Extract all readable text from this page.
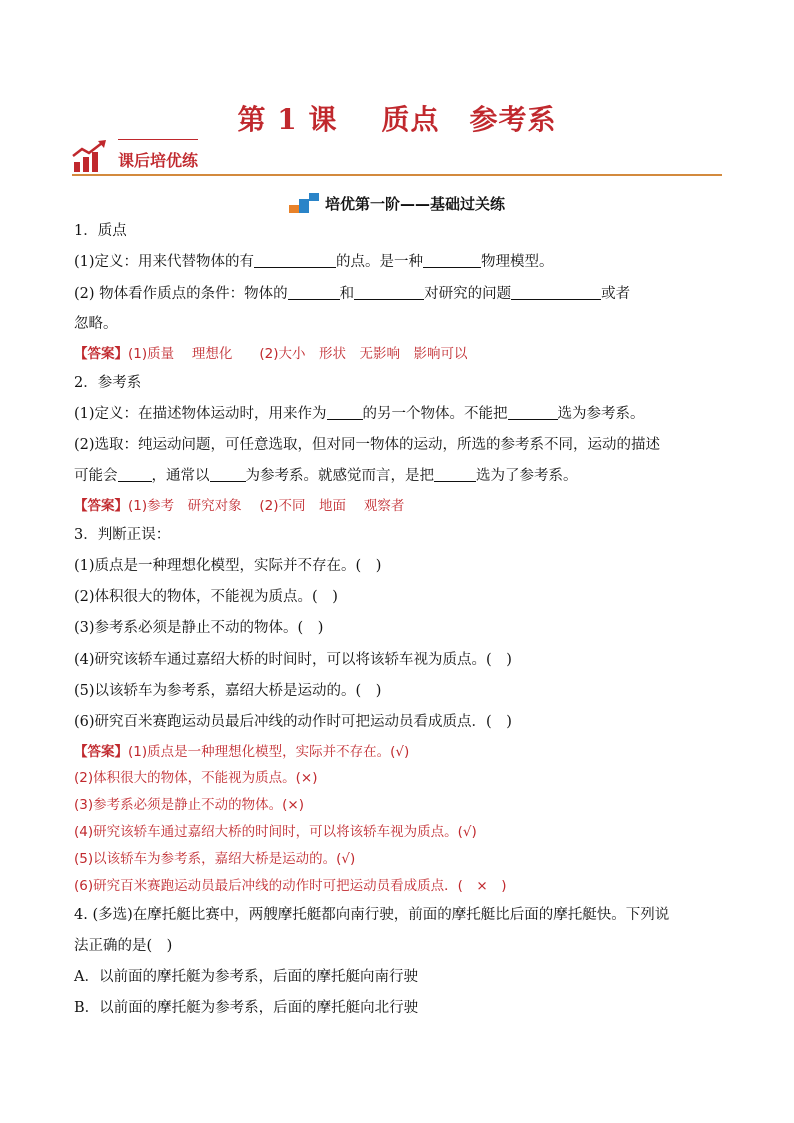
第 1 课 质点 参考系
课后培优练
培优第一阶——基础过关练
1．质点
(1)定义：用来代替物体的有	的点。是一种	物理模型。
(2) 物体看作质点的条件：物体的	和	对研究的问题	或者
忽略。
【答案】(1)质量　 理想化　　(2)大小　形状　无影响　影响可以
2．参考系
(1)定义：在描述物体运动时，用来作为 的另一个物体。不能把	选为参考系。
(2)选取：纯运动问题，可任意选取，但对同一物体的运动，所选的参考系不同，运动的描述
可能会 ，通常以 为参考系。就感觉而言，是把	选为了参考系。
【答案】(1)参考　研究对象　 (2)不同　地面　 观察者
3．判断正误：
(1)质点是一种理想化模型，实际并不存在。(　)
(2)体积很大的物体，不能视为质点。(　)
(3)参考系必须是静止不动的物体。(　)
(4)研究该轿车通过嘉绍大桥的时间时，可以将该轿车视为质点。(　)
(5)以该轿车为参考系，嘉绍大桥是运动的。(　)
(6)研究百米赛跑运动员最后冲线的动作时可把运动员看成质点．(　)
【答案】(1)质点是一种理想化模型，实际并不存在。(√)
(2)体积很大的物体，不能视为质点。(×)
(3)参考系必须是静止不动的物体。(×)
(4)研究该轿车通过嘉绍大桥的时间时，可以将该轿车视为质点。(√)
(5)以该轿车为参考系，嘉绍大桥是运动的。(√)
(6)研究百米赛跑运动员最后冲线的动作时可把运动员看成质点．(　×　)
4. (多选)在摩托艇比赛中，两艘摩托艇都向南行驶，前面的摩托艇比后面的摩托艇快。下列说
法正确的是(　)
A．以前面的摩托艇为参考系，后面的摩托艇向南行驶
B．以前面的摩托艇为参考系，后面的摩托艇向北行驶
